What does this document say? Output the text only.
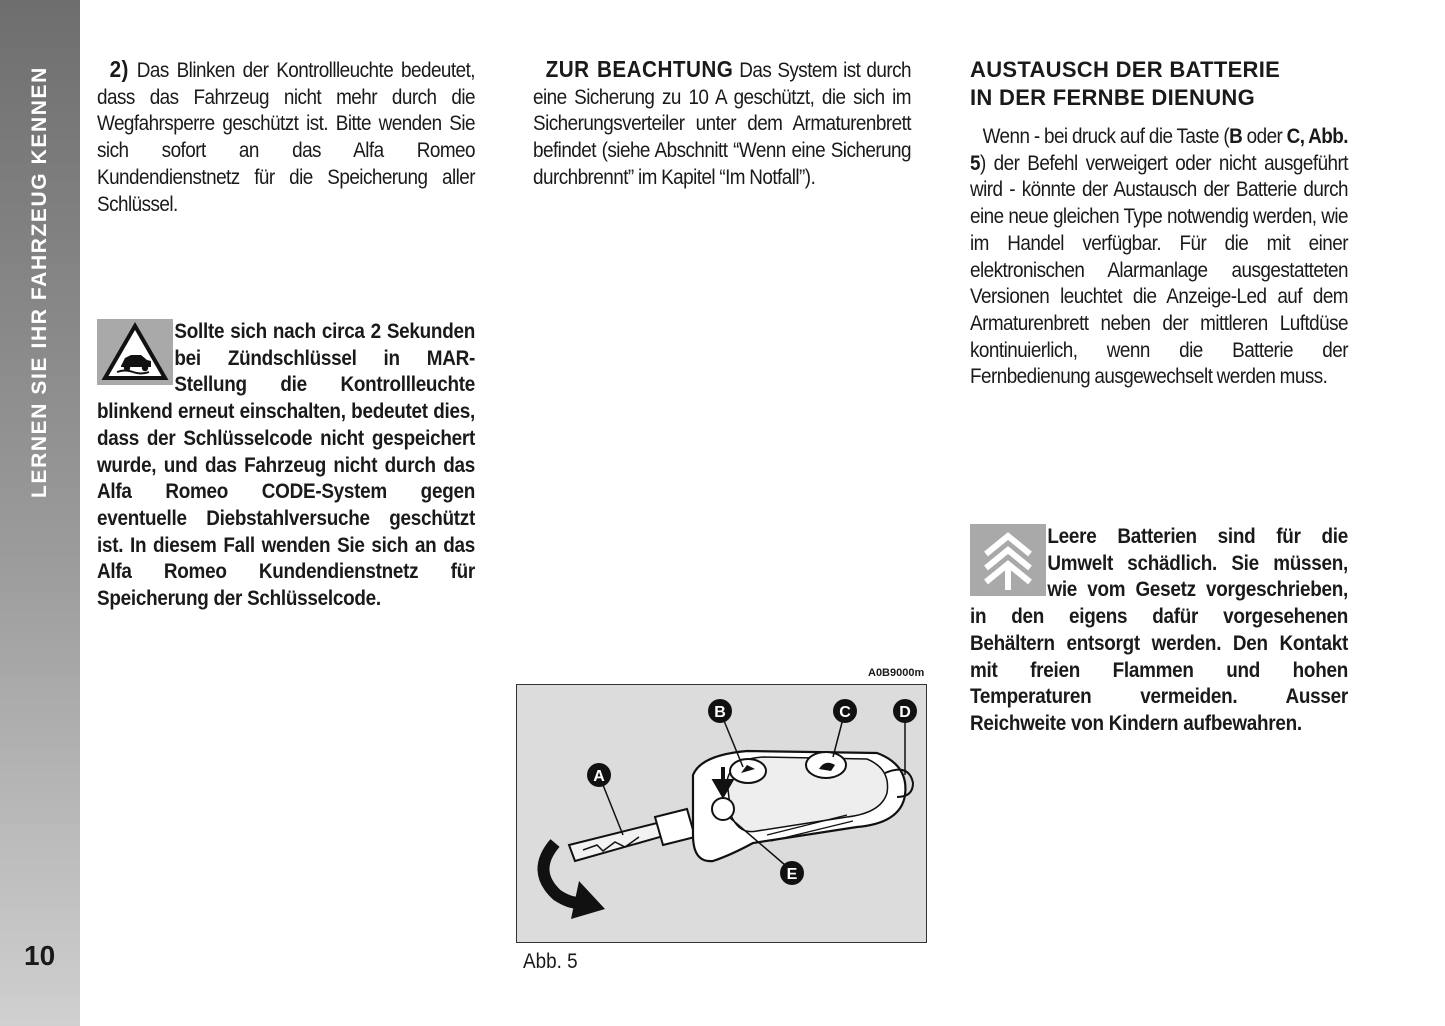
LERNEN SIE IHR FAHRZEUG KENNEN
10

2) Das Blinken der Kontrollleuchte bedeutet, dass das Fahrzeug nicht mehr durch die Wegfahrsperre geschützt ist. Bitte wenden Sie sich sofort an das Alfa Romeo Kundendienstnetz für die Speicherung aller Schlüssel.

Sollte sich nach circa 2 Sekunden bei Zündschlüssel in MAR-Stellung die Kontrollleuchte blinkend erneut einschalten, bedeutet dies, dass der Schlüsselcode nicht gespeichert wurde, und das Fahrzeug nicht durch das Alfa Romeo CODE-System gegen eventuelle Diebstahlversuche geschützt ist. In diesem Fall wenden Sie sich an das Alfa Romeo Kundendienstnetz für Speicherung der Schlüsselcode.

ZUR BEACHTUNG Das System ist durch eine Sicherung zu 10 A geschützt, die sich im Sicherungsverteiler unter dem Armaturenbrett befindet (siehe Abschnitt “Wenn eine Sicherung durchbrennt” im Kapitel “Im Notfall”).

A0B9000m
A
B	C	D
E
Abb. 5
AUSTAUSCH DER BATTERIE
IN DER FERNBE DIENUNG

Wenn - bei druck auf die Taste (B oder C, Abb. 5) der Befehl verweigert oder nicht ausgeführt wird - könnte der Austausch der Batterie durch eine neue gleichen Type notwendig werden, wie im Handel verfügbar. Für die mit einer elektronischen Alarmanlage ausgestatteten Versionen leuchtet die Anzeige-Led auf dem Armaturenbrett neben der mittleren Luftdüse kontinuierlich, wenn die Batterie der Fernbedienung ausgewechselt werden muss.

Leere Batterien sind für die Umwelt schädlich. Sie müssen, wie vom Gesetz vorgeschrieben, in den eigens dafür vorgesehenen Behältern entsorgt werden. Den Kontakt mit freien Flammen und hohen Temperaturen vermeiden. Ausser Reichweite von Kindern aufbewahren.
